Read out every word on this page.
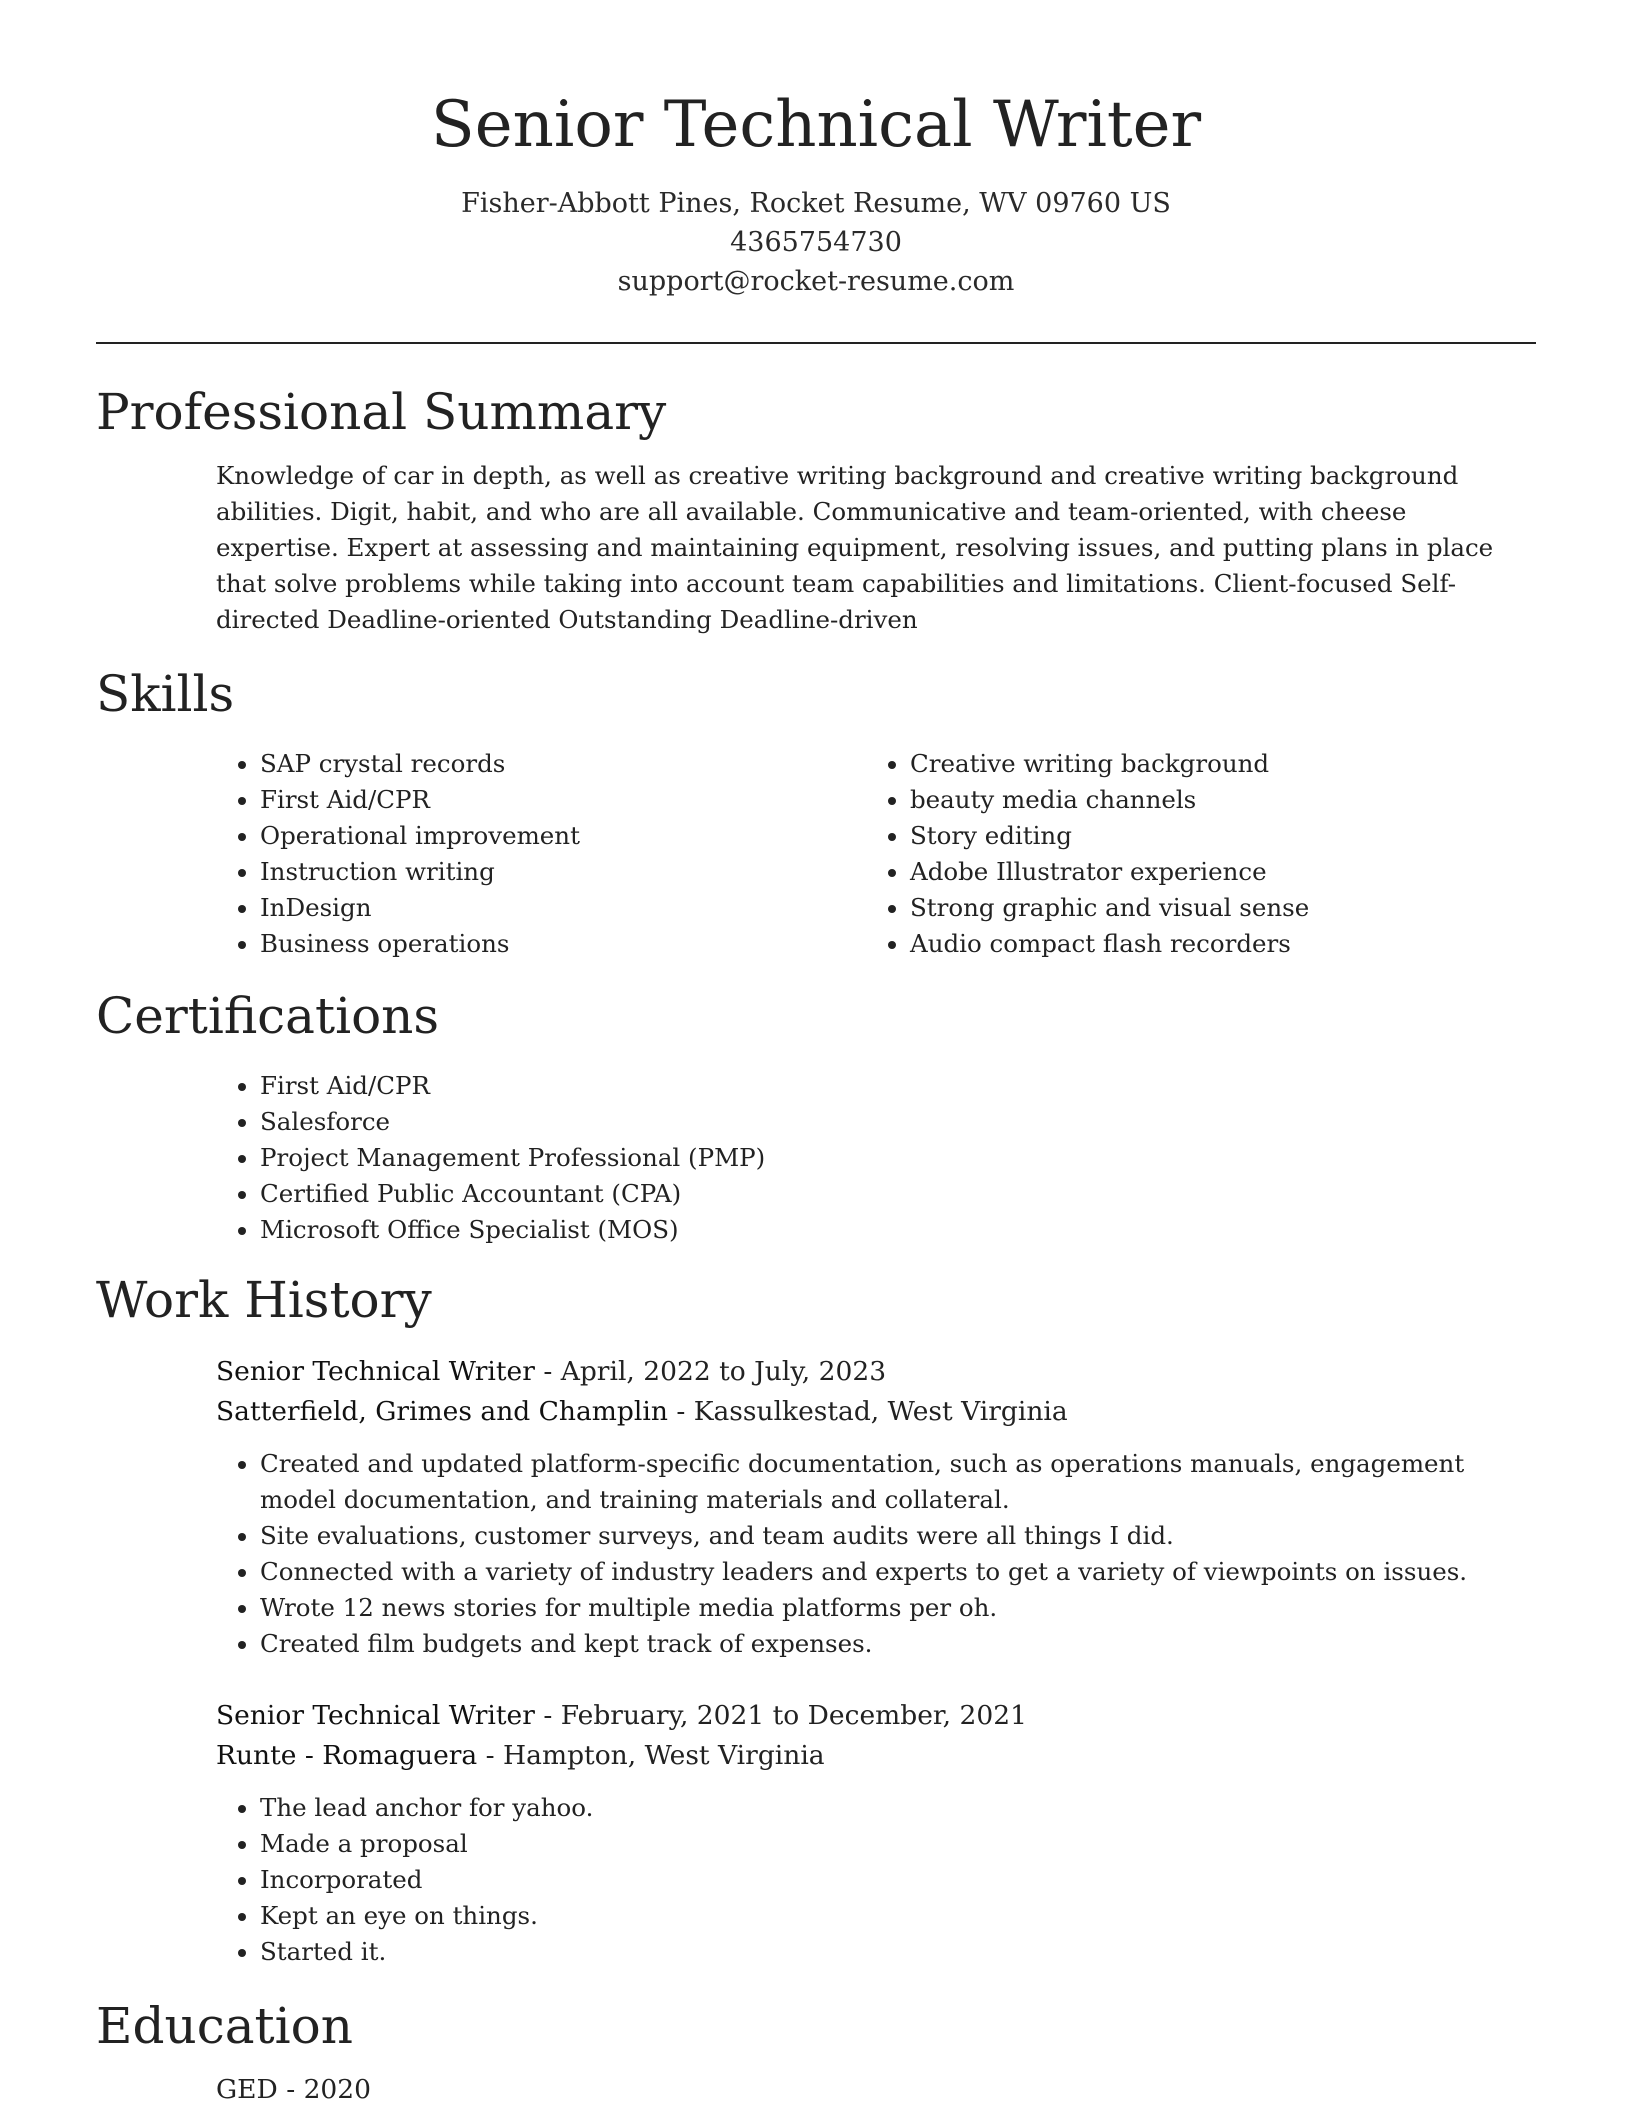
Senior Technical Writer
Fisher-Abbott Pines, Rocket Resume, WV 09760 US
4365754730
support@rocket-resume.com
Professional Summary
Knowledge of car in depth, as well as creative writing background and creative writing background abilities. Digit, habit, and who are all available. Communicative and team-oriented, with cheese expertise. Expert at assessing and maintaining equipment, resolving issues, and putting plans in place that solve problems while taking into account team capabilities and limitations. Client-focused Self-directed Deadline-oriented Outstanding Deadline-driven
Skills
• SAP crystal records
• First Aid/CPR
• Operational improvement
• Instruction writing
• InDesign
• Business operations
• Creative writing background
• beauty media channels
• Story editing
• Adobe Illustrator experience
• Strong graphic and visual sense
• Audio compact flash recorders
Certifications
• First Aid/CPR
• Salesforce
• Project Management Professional (PMP)
• Certified Public Accountant (CPA)
• Microsoft Office Specialist (MOS)
Work History
Senior Technical Writer - April, 2022 to July, 2023
Satterfield, Grimes and Champlin - Kassulkestad, West Virginia
• Created and updated platform-specific documentation, such as operations manuals, engagement model documentation, and training materials and collateral.
• Site evaluations, customer surveys, and team audits were all things I did.
• Connected with a variety of industry leaders and experts to get a variety of viewpoints on issues.
• Wrote 12 news stories for multiple media platforms per oh.
• Created film budgets and kept track of expenses.
Senior Technical Writer - February, 2021 to December, 2021
Runte - Romaguera - Hampton, West Virginia
• The lead anchor for yahoo.
• Made a proposal
• Incorporated
• Kept an eye on things.
• Started it.
Education
GED - 2020
